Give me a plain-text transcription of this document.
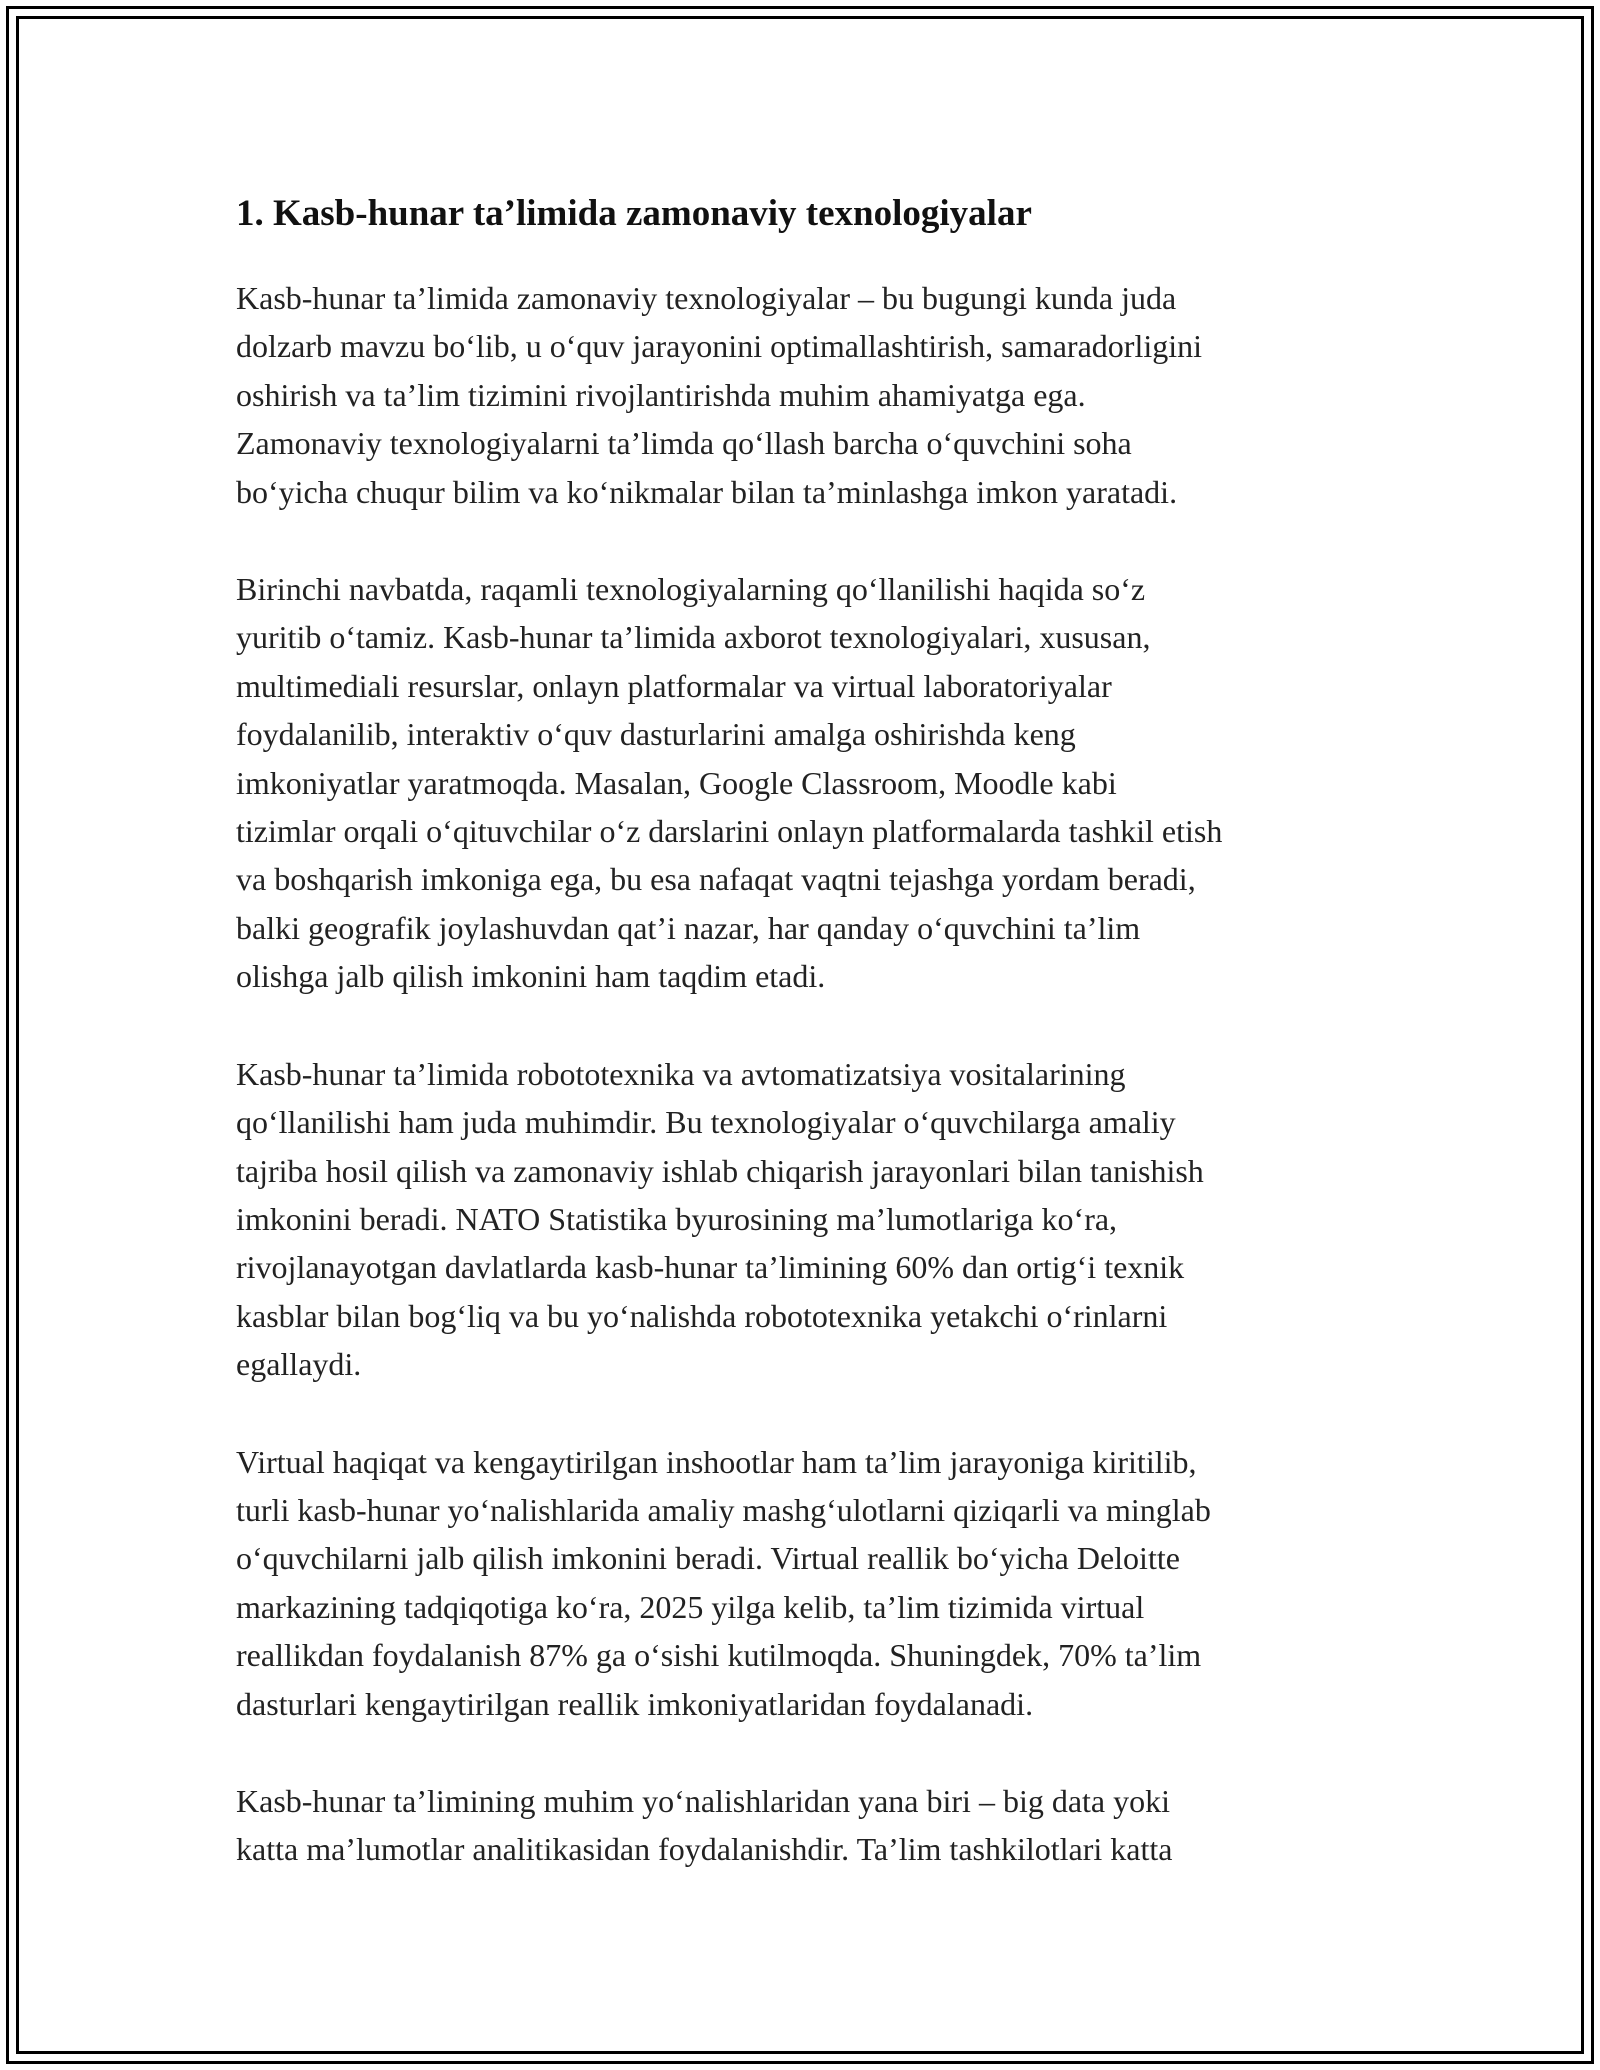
1. Kasb-hunar ta’limida zamonaviy texnologiyalar

Kasb-hunar ta’limida zamonaviy texnologiyalar – bu bugungi kunda juda
dolzarb mavzu bo‘lib, u o‘quv jarayonini optimallashtirish, samaradorligini
oshirish va ta’lim tizimini rivojlantirishda muhim ahamiyatga ega.
Zamonaviy texnologiyalarni ta’limda qo‘llash barcha o‘quvchini soha
bo‘yicha chuqur bilim va ko‘nikmalar bilan ta’minlashga imkon yaratadi.

Birinchi navbatda, raqamli texnologiyalarning qo‘llanilishi haqida so‘z
yuritib o‘tamiz. Kasb-hunar ta’limida axborot texnologiyalari, xususan,
multimediali resurslar, onlayn platformalar va virtual laboratoriyalar
foydalanilib, interaktiv o‘quv dasturlarini amalga oshirishda keng
imkoniyatlar yaratmoqda. Masalan, Google Classroom, Moodle kabi
tizimlar orqali o‘qituvchilar o‘z darslarini onlayn platformalarda tashkil etish
va boshqarish imkoniga ega, bu esa nafaqat vaqtni tejashga yordam beradi,
balki geografik joylashuvdan qat’i nazar, har qanday o‘quvchini ta’lim
olishga jalb qilish imkonini ham taqdim etadi.

Kasb-hunar ta’limida robototexnika va avtomatizatsiya vositalarining
qo‘llanilishi ham juda muhimdir. Bu texnologiyalar o‘quvchilarga amaliy
tajriba hosil qilish va zamonaviy ishlab chiqarish jarayonlari bilan tanishish
imkonini beradi. NATO Statistika byurosining ma’lumotlariga ko‘ra,
rivojlanayotgan davlatlarda kasb-hunar ta’limining 60% dan ortig‘i texnik
kasblar bilan bog‘liq va bu yo‘nalishda robototexnika yetakchi o‘rinlarni
egallaydi.

Virtual haqiqat va kengaytirilgan inshootlar ham ta’lim jarayoniga kiritilib,
turli kasb-hunar yo‘nalishlarida amaliy mashg‘ulotlarni qiziqarli va minglab
o‘quvchilarni jalb qilish imkonini beradi. Virtual reallik bo‘yicha Deloitte
markazining tadqiqotiga ko‘ra, 2025 yilga kelib, ta’lim tizimida virtual
reallikdan foydalanish 87% ga o‘sishi kutilmoqda. Shuningdek, 70% ta’lim
dasturlari kengaytirilgan reallik imkoniyatlaridan foydalanadi.

Kasb-hunar ta’limining muhim yo‘nalishlaridan yana biri – big data yoki
katta ma’lumotlar analitikasidan foydalanishdir. Ta’lim tashkilotlari katta
